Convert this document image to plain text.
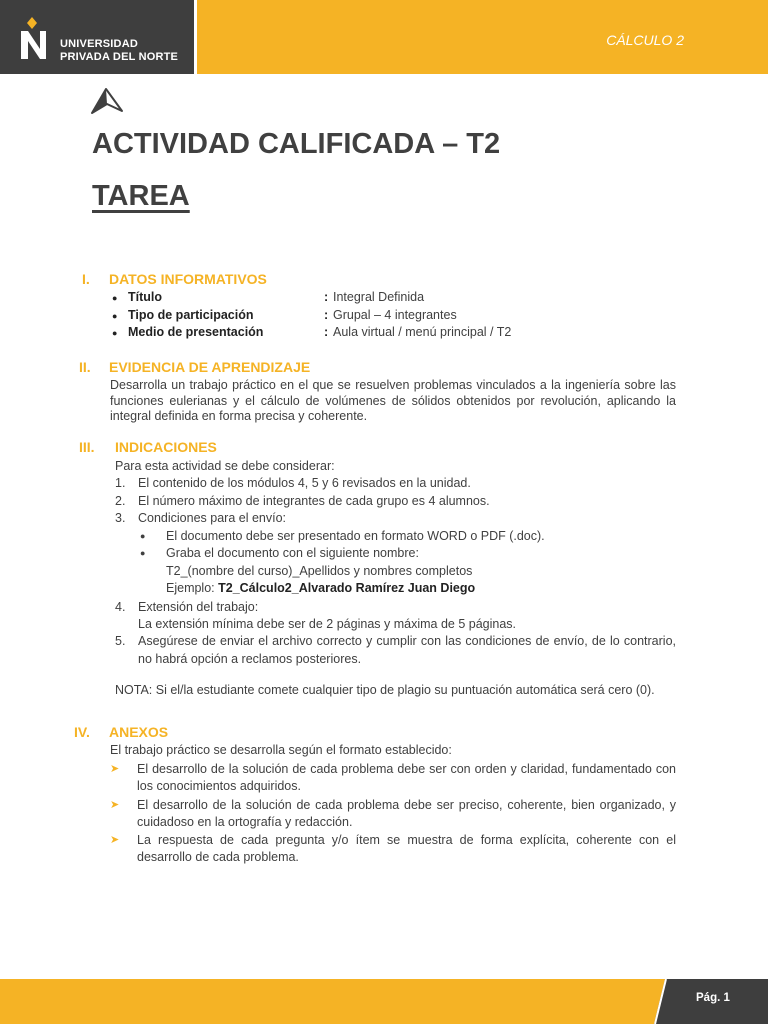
UNIVERSIDAD
PRIVADA DEL NORTE
CÁLCULO 2
ACTIVIDAD CALIFICADA – T2
TAREA
I. DATOS INFORMATIVOS
● Título	: Integral Definida
● Tipo de participación	: Grupal – 4 integrantes
● Medio de presentación	: Aula virtual / menú principal / T2
II. EVIDENCIA DE APRENDIZAJE
Desarrolla un trabajo práctico en el que se resuelven problemas vinculados a la ingeniería sobre las funciones eulerianas y el cálculo de volúmenes de sólidos obtenidos por revolución, aplicando la integral definida en forma precisa y coherente.
III. INDICACIONES
Para esta actividad se debe considerar:
1.	El contenido de los módulos 4, 5 y 6 revisados en la unidad.
2.	El número máximo de integrantes de cada grupo es 4 alumnos.
3.	Condiciones para el envío:
● El documento debe ser presentado en formato WORD o PDF (.doc).
● Graba el documento con el siguiente nombre:
T2_(nombre del curso)_Apellidos y nombres completos
Ejemplo: T2_Cálculo2_Alvarado Ramírez Juan Diego
4.	Extensión del trabajo:
La extensión mínima debe ser de 2 páginas y máxima de 5 páginas.
5.	Asegúrese de enviar el archivo correcto y cumplir con las condiciones de envío, de lo contrario, no habrá opción a reclamos posteriores.
NOTA: Si el/la estudiante comete cualquier tipo de plagio su puntuación automática será cero (0).
IV. ANEXOS
El trabajo práctico se desarrolla según el formato establecido:
➤ El desarrollo de la solución de cada problema debe ser con orden y claridad, fundamentado con los conocimientos adquiridos.
➤ El desarrollo de la solución de cada problema debe ser preciso, coherente, bien organizado, y cuidadoso en la ortografía y redacción.
➤ La respuesta de cada pregunta y/o ítem se muestra de forma explícita, coherente con el desarrollo de cada problema.
Pág. 1
